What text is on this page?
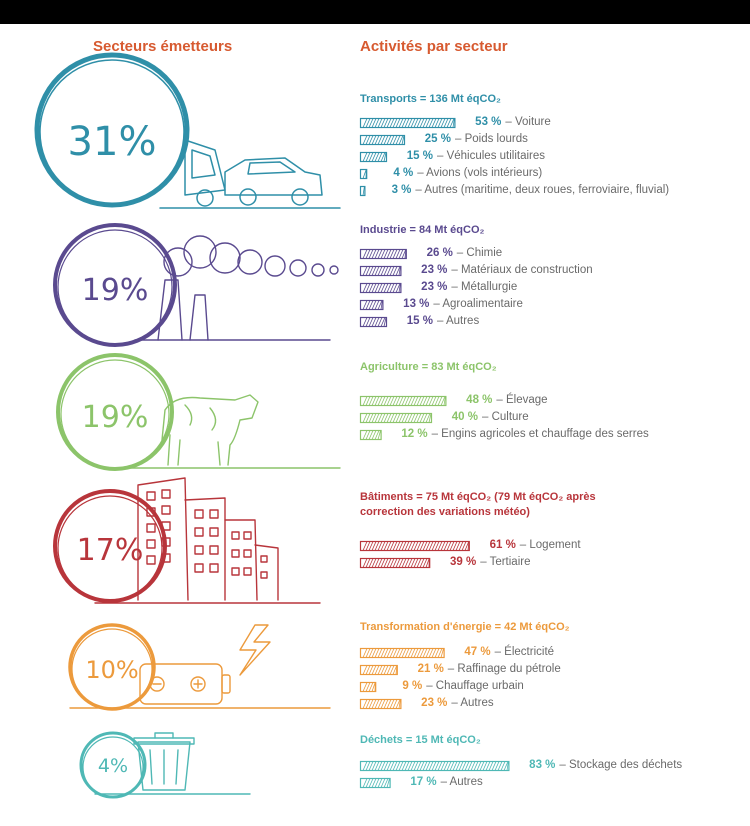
Secteurs émetteurs	Activités par secteur
31%
19%
19%
17%
10%
4%
Transports = 136 Mt éqCO₂
53 % – Voiture
25 % – Poids lourds
15 % – Véhicules utilitaires
4 % – Avions (vols intérieurs)
3 % – Autres (maritime, deux roues, ferroviaire, fluvial)
Industrie = 84 Mt éqCO₂
26 % – Chimie
23 % – Matériaux de construction
23 % – Métallurgie
13 % – Agroalimentaire
15 % – Autres
Agriculture = 83 Mt éqCO₂
48 % – Élevage
40 % – Culture
12 % – Engins agricoles et chauffage des serres
Bâtiments = 75 Mt éqCO₂ (79 Mt éqCO₂ après
correction des variations météo)
61 % – Logement
39 % – Tertiaire
Transformation d'énergie = 42 Mt éqCO₂
47 % – Électricité
21 % – Raffinage du pétrole
9 % – Chauffage urbain
23 % – Autres
Déchets = 15 Mt éqCO₂
83 % – Stockage des déchets
17 % – Autres
